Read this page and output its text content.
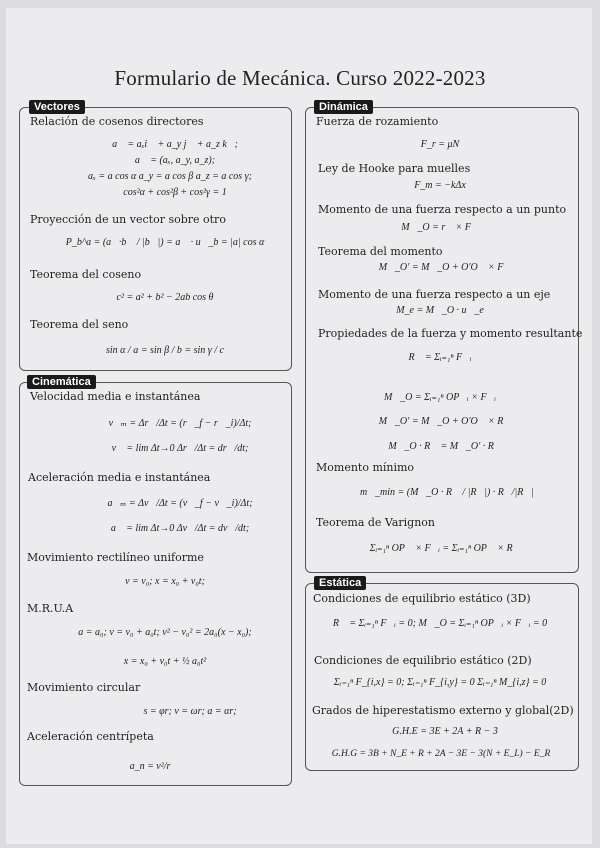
Formulario de Mecánica. Curso 2022-2023
Vectores
Relación de cosenos directores
a⃗ = aₓi⃗ + a_y j⃗ + a_z k⃗;
a⃗ = (aₓ, a_y, a_z);
aₓ = a cos α a_y = a cos β a_z = a cos γ;
cos²α + cos²β + cos²γ = 1
Proyección de un vector sobre otro
P_b^a = (a⃗·b⃗ / |b⃗|) = a⃗ · u⃗_b = |a| cos α
Teorema del coseno
c² = a² + b² − 2ab cos θ
Teorema del seno
sin α / a = sin β / b = sin γ / c
Cinemática
Velocidad media e instantánea
v⃗ₘ = Δr⃗/Δt = (r⃗_f − r⃗_i)/Δt;
v⃗ = lim Δt→0 Δr⃗/Δt = dr⃗/dt;
Aceleración media e instantánea
a⃗ₘ = Δv⃗/Δt = (v⃗_f − v⃗_i)/Δt;
a⃗ = lim Δt→0 Δv⃗/Δt = dv⃗/dt;
Movimiento rectilíneo uniforme
v = v₀; x = x₀ + v₀t;
M.R.U.A
a = a₀; v = v₀ + a₀t; v² − v₀² = 2a₀(x − x₀);
x = x₀ + v₀t + ½ a₀t²
Movimiento circular
s = φr; v = ωr; a = αr;
Aceleración centrípeta
a_n = v²/r
Dinámica
Fuerza de rozamiento
F_r = μN
Ley de Hooke para muelles
F_m = −kΔx
Momento de una fuerza respecto a un punto
M⃗_O = r⃗ × F⃗
Teorema del momento
M⃗_O′ = M⃗_O + O′O⃗ × F⃗
Momento de una fuerza respecto a un eje
M_e = M⃗_O · u⃗_e
Propiedades de la fuerza y momento resultante
R⃗ = Σᵢ₌₁ⁿ F⃗ᵢ
M⃗_O = Σᵢ₌₁ⁿ OP⃗ᵢ × F⃗ᵢ
M⃗_O′ = M⃗_O + O′O⃗ × R⃗
M⃗_O · R⃗ = M⃗_O′ · R⃗
Momento mínimo
m⃗_min = (M⃗_O · R⃗ / |R⃗|) · R⃗/|R⃗|
Teorema de Varignon
Σᵢ₌₁ⁿ OP⃗ × F⃗ᵢ = Σᵢ₌₁ⁿ OP⃗ × R⃗
Estática
Condiciones de equilibrio estático (3D)
R⃗ = Σᵢ₌₁ⁿ F⃗ᵢ = 0; M⃗_O = Σᵢ₌₁ⁿ OP⃗ᵢ × F⃗ᵢ = 0
Condiciones de equilibrio estático (2D)
Σᵢ₌₁ⁿ F_{i,x} = 0; Σᵢ₌₁ⁿ F_{i,y} = 0 Σᵢ₌₁ⁿ M_{i,z} = 0
Grados de hiperestatismo externo y global(2D)
G.H.E = 3E + 2A + R − 3
G.H.G = 3B + N_E + R + 2A − 3E − 3(N + E_L) − E_R
